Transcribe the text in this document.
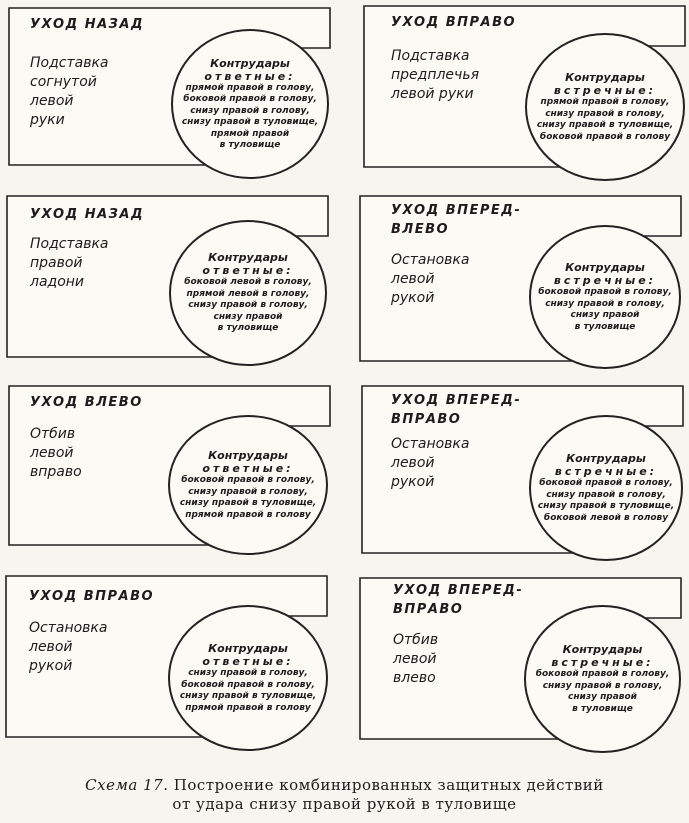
УХОД НАЗАД
Подставка
согнутой
левой
руки
Контрудары
ответные:
прямой правой в голову,
боковой правой в голову,
снизу правой в голову,
снизу правой в туловище,
прямой правой
в туловище
УХОД ВПРАВО
Подставка
предплечья
левой руки
Контрудары
встречные:
прямой правой в голову,
снизу правой в голову,
снизу правой в туловище,
боковой правой в голову
УХОД НАЗАД
Подставка
правой
ладони
Контрудары
ответные:
боковой левой в голову,
прямой левой в голову,
снизу правой в голову,
снизу правой
в туловище
УХОД ВПЕРЕД-
ВЛЕВО
Остановка
левой
рукой
Контрудары
встречные:
боковой правой в голову,
снизу правой в голову,
снизу правой
в туловище
УХОД ВЛЕВО
Отбив
левой
вправо
Контрудары
ответные:
боковой правой в голову,
снизу правой в голову,
снизу правой в туловище,
прямой правой в голову
УХОД ВПЕРЕД-
ВПРАВО
Остановка
левой
рукой
Контрудары
встречные:
боковой правой в голову,
снизу правой в голову,
снизу правой в туловище,
боковой левой в голову
УХОД ВПРАВО
Остановка
левой
рукой
Контрудары
ответные:
снизу правой в голову,
боковой правой в голову,
снизу правой в туловище,
прямой правой в голову
УХОД ВПЕРЕД-
ВПРАВО
Отбив
левой
влево
Контрудары
встречные:
боковой правой в голову,
снизу правой в голову,
снизу правой
в туловище
Схема 17. Построение комбинированных защитных действий
от удара снизу правой рукой в туловище
